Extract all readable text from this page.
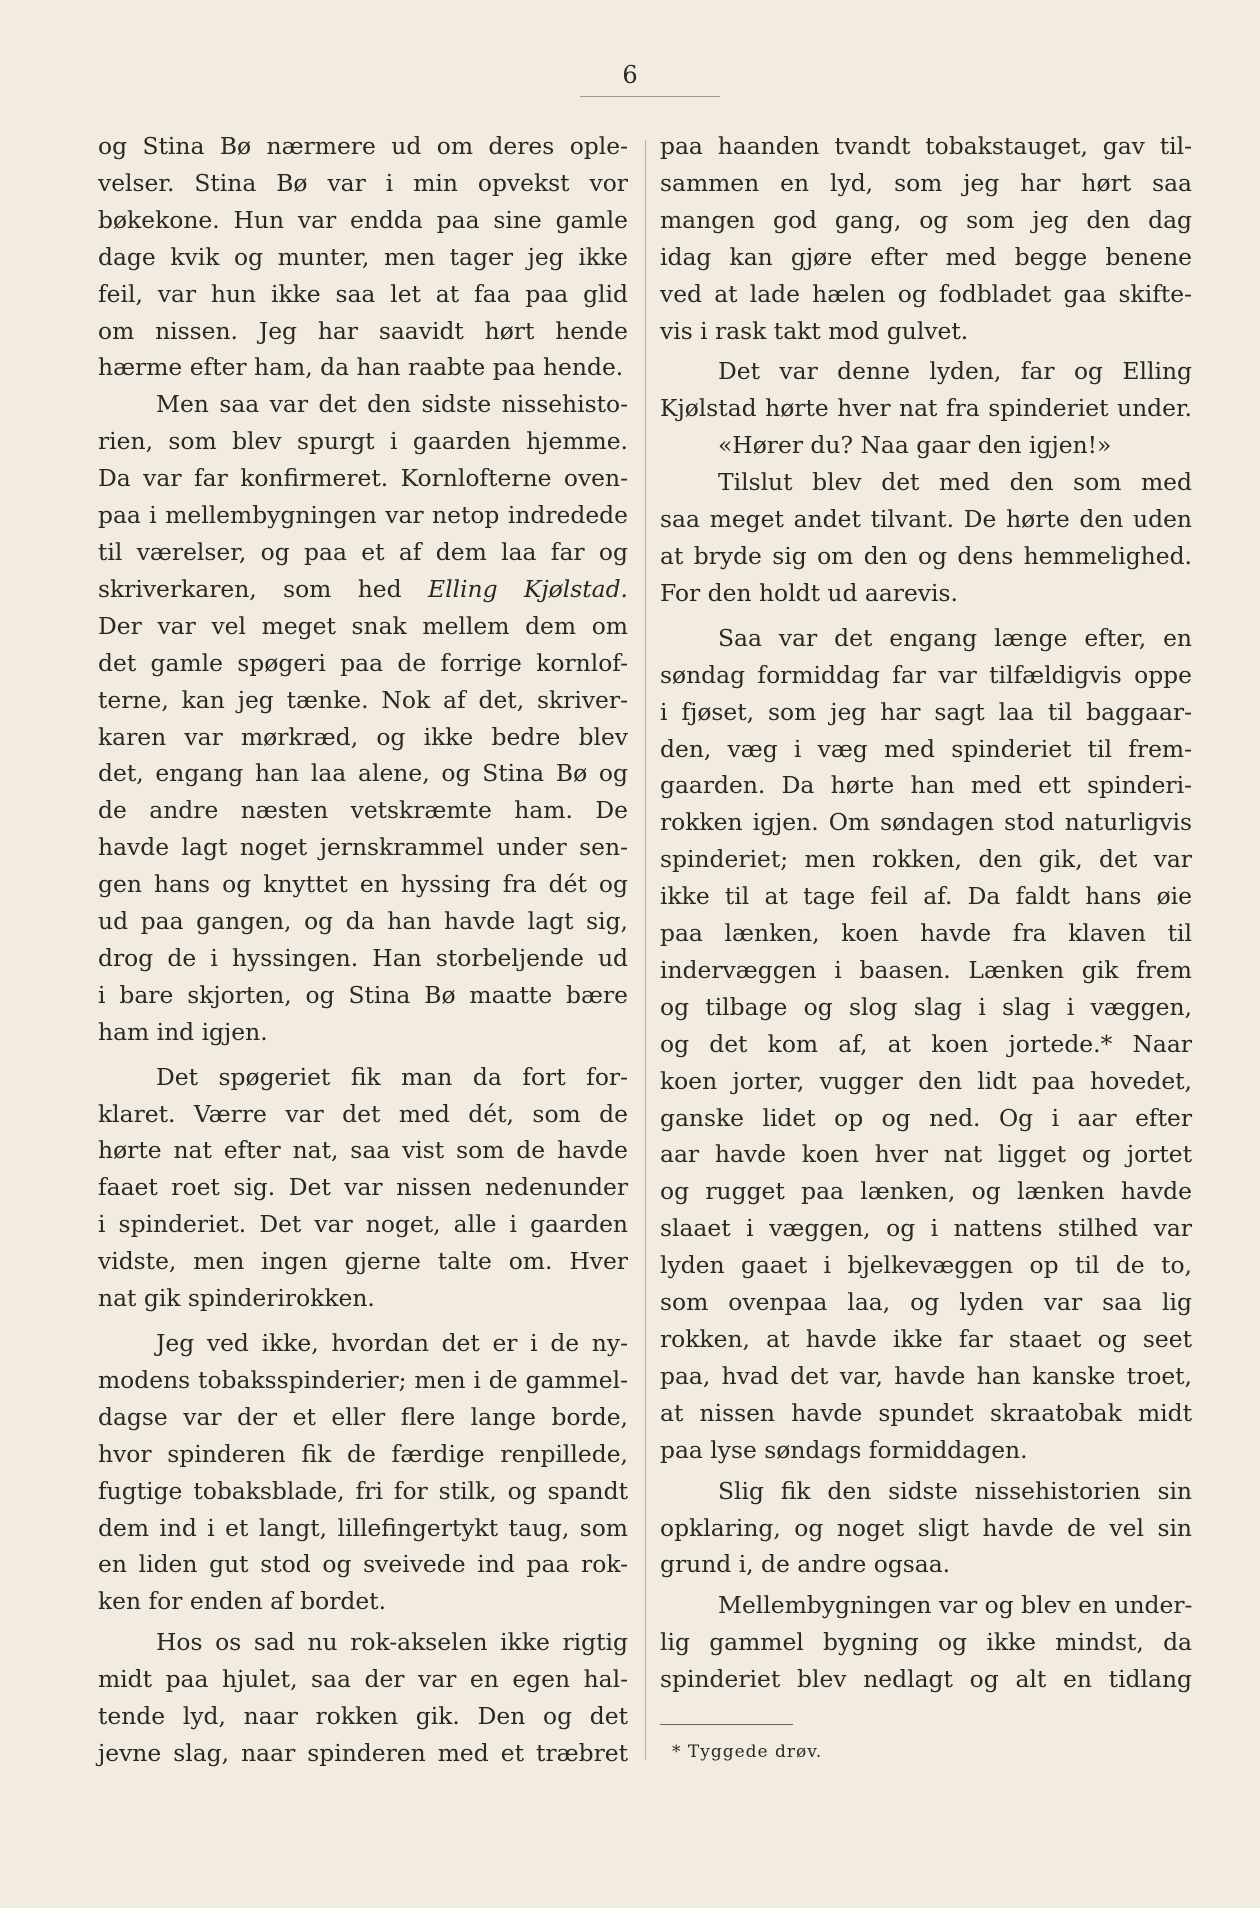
6

og Stina Bø nærmere ud om deres ople-

velser. Stina Bø var i min opvekst vor

bøkekone. Hun var endda paa sine gamle

dage kvik og munter, men tager jeg ikke

feil, var hun ikke saa let at faa paa glid

om nissen. Jeg har saavidt hørt hende

hærme efter ham, da han raabte paa hende.

Men saa var det den sidste nissehisto-

rien, som blev spurgt i gaarden hjemme.

Da var far konfirmeret. Kornlofterne oven-

paa i mellembygningen var netop indrededе

til værelser, og paa et af dem laa far og

skriverkaren, som hed Elling Kjølstad.

Der var vel meget snak mellem dem om

det gamle spøgeri paa de forrige kornlof-

terne, kan jeg tænke. Nok af det, skriver-

karen var mørkræd, og ikke bedre blev

det, engang han laa alene, og Stina Bø og

de andre næsten vetskræmte ham. De

havde lagt noget jernskrammel under sen-

gen hans og knyttet en hyssing fra dét og

ud paa gangen, og da han havde lagt sig,

drog de i hyssingen. Han storbeljende ud

i bare skjorten, og Stina Bø maatte bære

ham ind igjen.

Det spøgeriet fik man da fort for-

klaret. Værre var det med dét, som de

hørte nat efter nat, saa vist som de havde

faaet roet sig. Det var nissen nedenunder

i spinderiet. Det var noget, alle i gaarden

vidste, men ingen gjerne talte om. Hver

nat gik spinderirokken.

Jeg ved ikke, hvordan det er i de ny-

modens tobaksspinderier; men i de gammel-

dagse var der et eller flere lange borde,

hvor spinderen fik de færdige renpillede,

fugtige tobaksblade, fri for stilk, og spandt

dem ind i et langt, lillefingertykt taug, som

en liden gut stod og sveivede ind paa rok-

ken for enden af bordet.

Hos os sad nu rok-akselen ikke rigtig

midt paa hjulet, saa der var en egen hal-

tende lyd, naar rokken gik. Den og det

jevne slag, naar spinderen med et træbret

paa haanden tvandt tobakstauget, gav til-

sammen en lyd, som jeg har hørt saa

mangen god gang, og som jeg den dag

idag kan gjøre efter med begge benene

ved at lade hælen og fodbladet gaa skifte-

vis i rask takt mod gulvet.

Det var denne lyden, far og Elling

Kjølstad hørte hver nat fra spinderiet under.

«Hører du? Naa gaar den igjen!»

Tilslut blev det med den som med

saa meget andet tilvant. De hørte den uden

at bryde sig om den og dens hemmelighed.

For den holdt ud aarevis.

Saa var det engang længe efter, en

søndag formiddag far var tilfældigvis oppe

i fjøset, som jeg har sagt laa til baggaar-

den, væg i væg med spinderiet til frem-

gaarden. Da hørte han med ett spinderi-

rokken igjen. Om søndagen stod naturligvis

spinderiet; men rokken, den gik, det var

ikke til at tage feil af. Da faldt hans øie

paa lænken, koen havde fra klaven til

indervæggen i baasen. Lænken gik frem

og tilbage og slog slag i slag i væggen,

og det kom af, at koen jortede.* Naar

koen jorter, vugger den lidt paa hovedet,

ganske lidet op og ned. Og i aar efter

aar havde koen hver nat ligget og jortet

og rugget paa lænken, og lænken havde

slaaet i væggen, og i nattens stilhed var

lyden gaaet i bjelkevæggen op til de to,

som ovenpaa laa, og lyden var saa lig

rokken, at havde ikke far staaet og seet

paa, hvad det var, havde han kanske troet,

at nissen havde spundet skraatobak midt

paa lyse søndags formiddagen.

Slig fik den sidste nissehistorien sin

opklaring, og noget sligt havde de vel sin

grund i, de andre ogsaa.

Mellembygningen var og blev en under-

lig gammel bygning og ikke mindst, da

spinderiet blev nedlagt og alt en tidlang

* Tyggede drøv.
